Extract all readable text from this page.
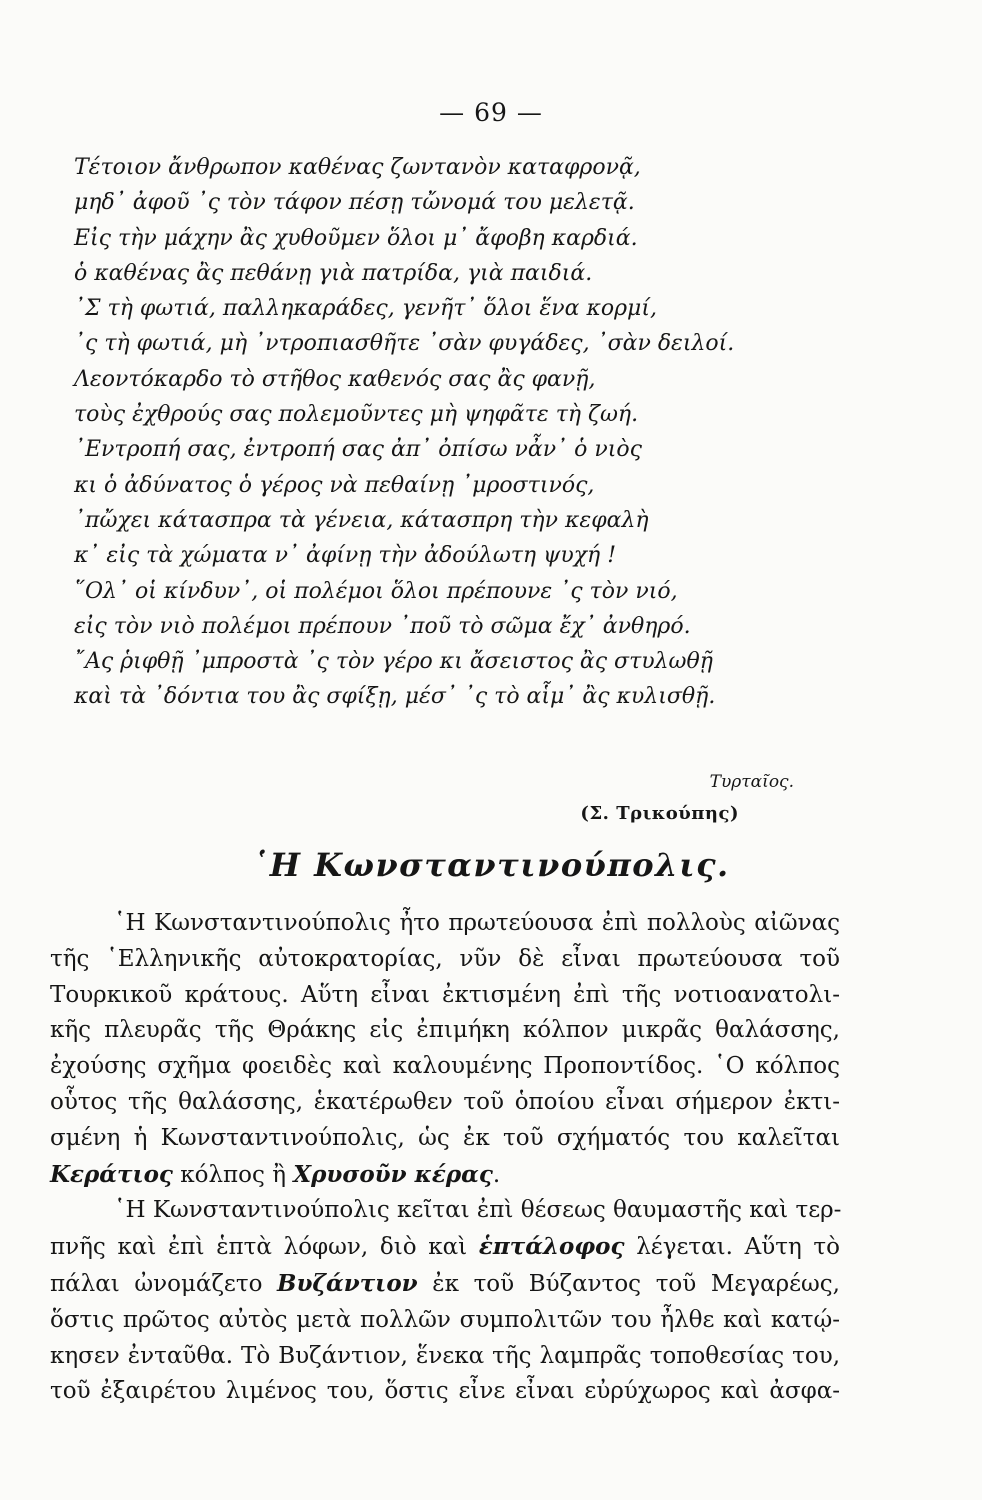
— 69 —
Τέτοιον ἄνθρωπον καθένας ζωντανὸν καταφρονᾷ,
μηδ᾽ ἀφοῦ ᾽ς τὸν τάφον πέσῃ τὤνομά του μελετᾷ.
Εἰς τὴν μάχην ἂς χυθοῦμεν ὅλοι μ᾽ ἄφοβη καρδιά.
ὁ καθένας ἂς πεθάνῃ γιὰ πατρίδα, γιὰ παιδιά.
᾽Σ τὴ φωτιά, παλληκαράδες, γενῆτ᾽ ὅλοι ἕνα κορμί,
᾽ς τὴ φωτιά, μὴ ᾽ντροπιασθῆτε ᾽σὰν φυγάδες, ᾽σὰν δειλοί.
Λεοντόκαρδο τὸ στῆθος καθενός σας ἂς φανῇ,
τοὺς ἐχθρούς σας πολεμοῦντες μὴ ψηφᾶτε τὴ ζωή.
᾽Εντροπή σας, ἐντροπή σας ἀπ᾽ ὀπίσω νἆν᾽ ὁ νιὸς
κι ὁ ἀδύνατος ὁ γέρος νὰ πεθαίνῃ ᾽μροστινός,
᾽πὤχει κάτασπρα τὰ γένεια, κάτασπρη τὴν κεφαλὴ
κ᾽ εἰς τὰ χώματα ν᾽ ἀφίνῃ τὴν ἀδούλωτη ψυχή !
῞Ολ᾽ οἱ κίνδυν᾽, οἱ πολέμοι ὅλοι πρέπουνε ᾽ς τὸν νιό,
εἰς τὸν νιὸ πολέμοι πρέπουν ᾽ποῦ τὸ σῶμα ἔχ᾽ ἀνθηρό.
῎Ας ῥιφθῇ ᾽μπροστὰ ᾽ς τὸν γέρο κι ἄσειστος ἂς στυλωθῇ
καὶ τὰ ᾽δόντια του ἂς σφίξῃ, μέσ᾽ ᾽ς τὸ αἷμ᾽ ἂς κυλισθῇ.
Τυρταῖος.
(Σ. Τρικούπης)
῾Η Κωνσταντινούπολις.
῾Η Κωνσταντινούπολις ἦτο πρωτεύουσα ἐπὶ πολλοὺς αἰῶνας
τῆς ῾Ελληνικῆς αὐτοκρατορίας, νῦν δὲ εἶναι πρωτεύουσα τοῦ
Τουρκικοῦ κράτους. Αὕτη εἶναι ἐκτισμένη ἐπὶ τῆς νοτιοανατολι-
κῆς πλευρᾶς τῆς Θράκης εἰς ἐπιμήκη κόλπον μικρᾶς θαλάσσης,
ἐχούσης σχῆμα φοειδὲς καὶ καλουμένης Προποντίδος. ῾Ο κόλπος
οὗτος τῆς θαλάσσης, ἑκατέρωθεν τοῦ ὁποίου εἶναι σήμερον ἐκτι-
σμένη ἡ Κωνσταντινούπολις, ὡς ἐκ τοῦ σχήματός του καλεῖται
Κεράτιος κόλπος ἢ Χρυσοῦν κέρας.
῾Η Κωνσταντινούπολις κεῖται ἐπὶ θέσεως θαυμαστῆς καὶ τερ-
πνῆς καὶ ἐπὶ ἑπτὰ λόφων, διὸ καὶ ἑπτάλοφος λέγεται. Αὕτη τὸ
πάλαι ὠνομάζετο Βυζάντιον ἐκ τοῦ Βύζαντος τοῦ Μεγαρέως,
ὅστις πρῶτος αὐτὸς μετὰ πολλῶν συμπολιτῶν του ἦλθε καὶ κατῴ-
κησεν ἐνταῦθα. Τὸ Βυζάντιον, ἕνεκα τῆς λαμπρᾶς τοποθεσίας του,
τοῦ ἐξαιρέτου λιμένος του, ὅστις εἶνε εἶναι εὐρύχωρος καὶ ἀσφα-
